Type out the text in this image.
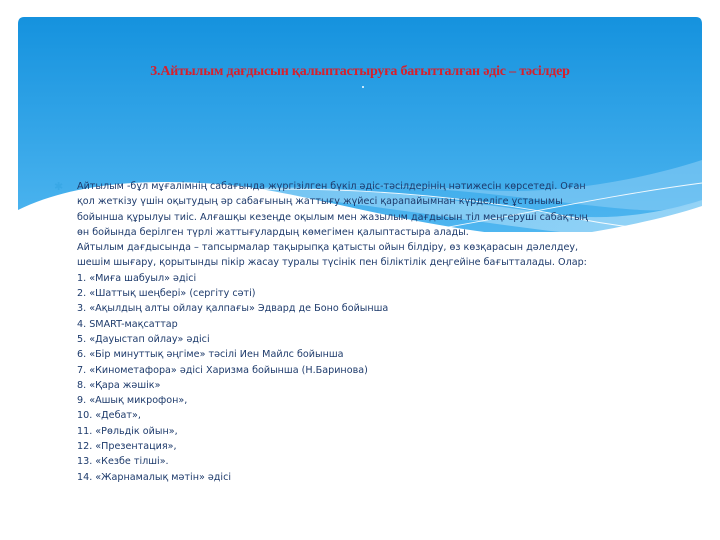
3.Айтылым дағдысын қалыптастыруға бағытталған әдіс – тәсілдер
✱ Айтылым -бұл мұғалімнің сабағында жүргізілген бүкіл әдіс-тәсілдерінің нәтижесін көрсетеді. Оған
қол жеткізу үшін оқытудың әр сабағының жаттығу жүйесі қарапайымнан күрделіге ұстанымы
бойынша құрылуы тиіс. Алғашқы кезеңде оқылым мен жазылым дағдысын тіл меңгеруші сабақтың
өн бойында берілген түрлі жаттығулардың көмегімен қалыптастыра алады.
Айтылым дағдысында – тапсырмалар тақырыпқа қатысты ойын білдіру, өз көзқарасын дәлелдеу,
шешім шығару, қорытынды пікір жасау туралы түсінік пен біліктілік деңгейіне бағытталады. Олар:
1. «Миға шабуыл» әдісі
2. «Шаттық шеңбері» (сергіту сәті)
3. «Ақылдың алты ойлау қалпағы» Эдвард де Боно бойынша
4. SMART-мақсаттар
5. «Дауыстап ойлау» әдісі
6. «Бір минуттық әңгіме» тәсілі Иен Майлс бойынша
7. «Кинометафора» әдісі Харизма бойынша (Н.Баринова)
8. «Қара жәшік»
9. «Ашық микрофон»,
10. «Дебат»,
11. «Рөльдік ойын»,
12. «Презентация»,
13. «Кезбе тілші».
14. «Жарнамалық мәтін» әдісі
